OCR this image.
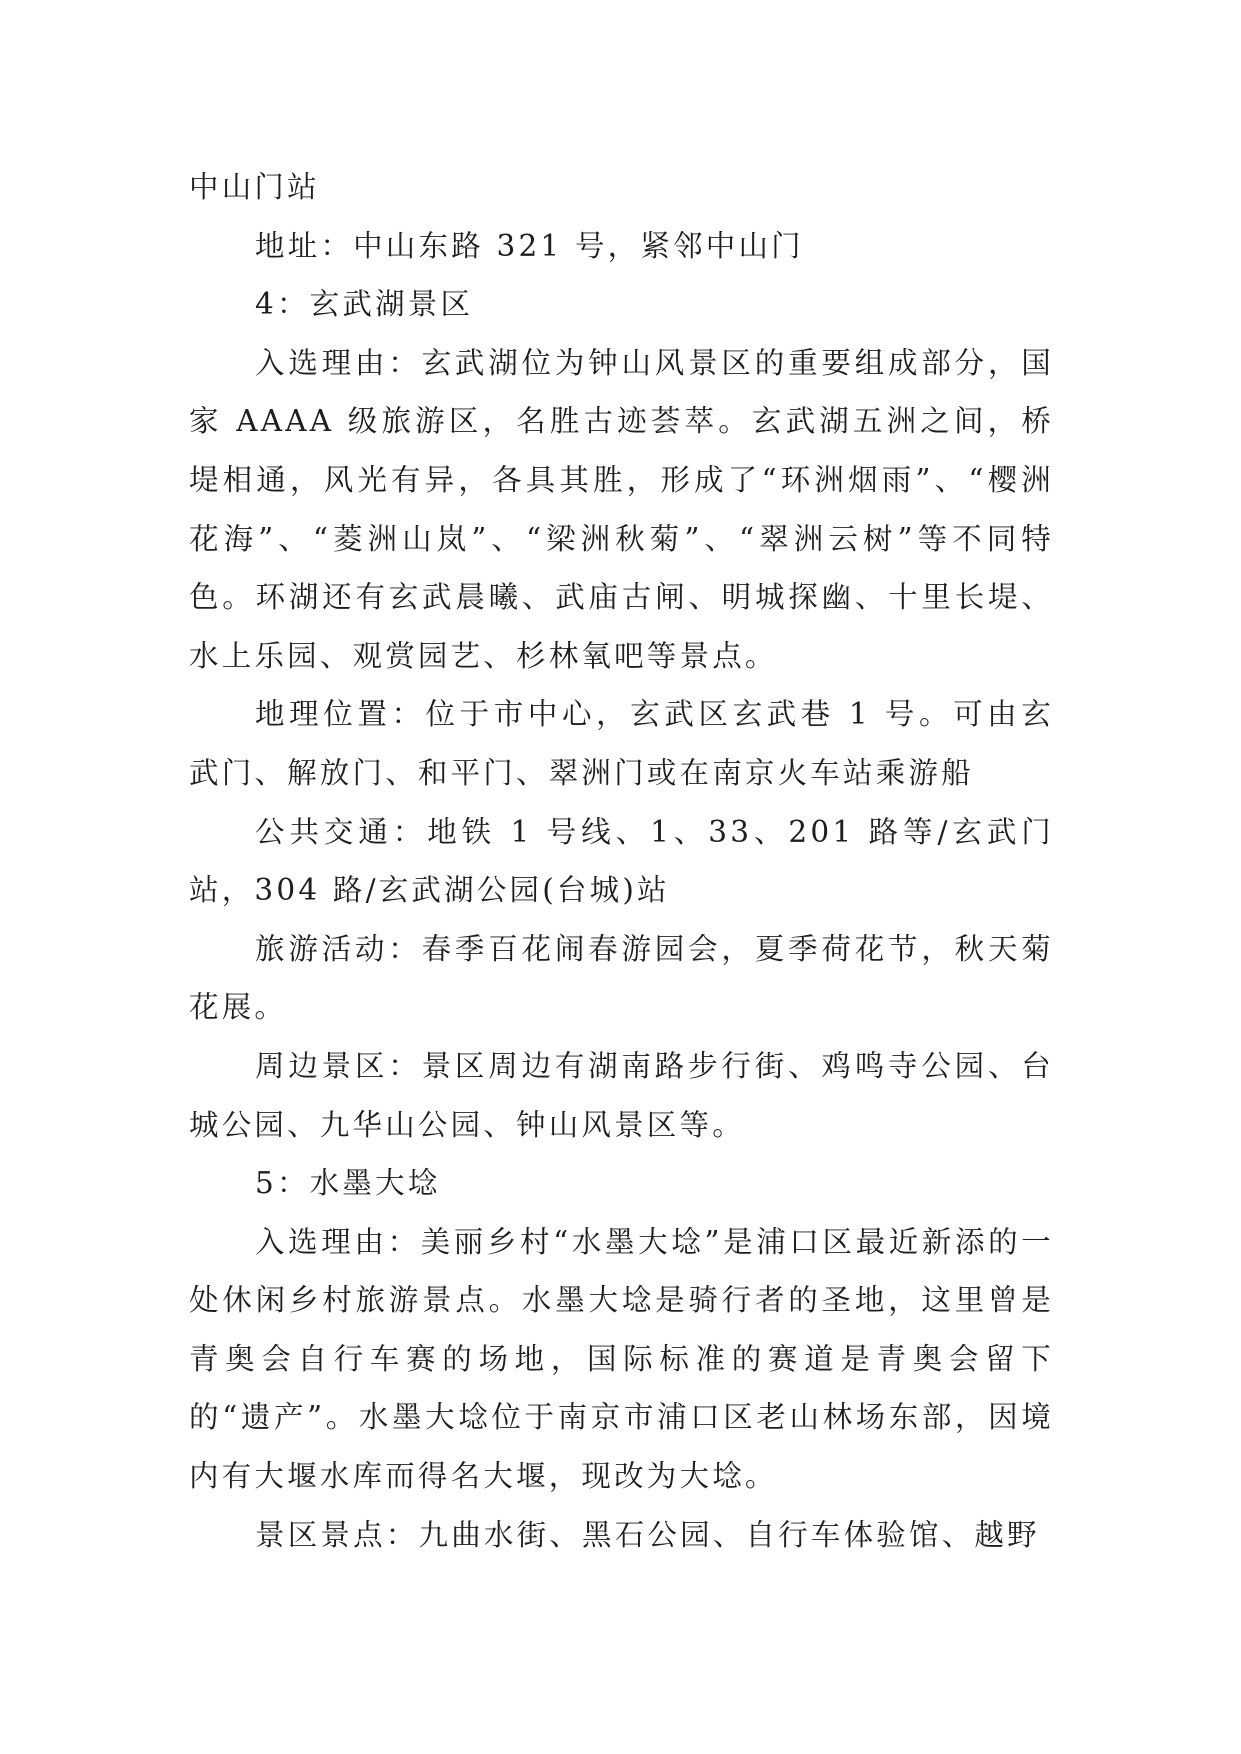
中山门站

地址：中山东路 321 号，紧邻中山门

4：玄武湖景区

入选理由：玄武湖位为钟山风景区的重要组成部分，国家 AAAA 级旅游区，名胜古迹荟萃。玄武湖五洲之间，桥堤相通，风光有异，各具其胜，形成了“环洲烟雨”、“樱洲花海”、“菱洲山岚”、“梁洲秋菊”、“翠洲云树”等不同特色。环湖还有玄武晨曦、武庙古闸、明城探幽、十里长堤、水上乐园、观赏园艺、杉林氧吧等景点。

地理位置：位于市中心，玄武区玄武巷 1 号。可由玄武门、解放门、和平门、翠洲门或在南京火车站乘游船

公共交通：地铁 1 号线、1、33、201 路等/玄武门站，304 路/玄武湖公园(台城)站

旅游活动：春季百花闹春游园会，夏季荷花节，秋天菊花展。

周边景区：景区周边有湖南路步行街、鸡鸣寺公园、台城公园、九华山公园、钟山风景区等。

5：水墨大埝

入选理由：美丽乡村“水墨大埝”是浦口区最近新添的一处休闲乡村旅游景点。水墨大埝是骑行者的圣地，这里曾是青奥会自行车赛的场地，国际标准的赛道是青奥会留下的“遗产”。水墨大埝位于南京市浦口区老山林场东部，因境内有大堰水库而得名大堰，现改为大埝。

景区景点：九曲水街、黑石公园、自行车体验馆、越野
